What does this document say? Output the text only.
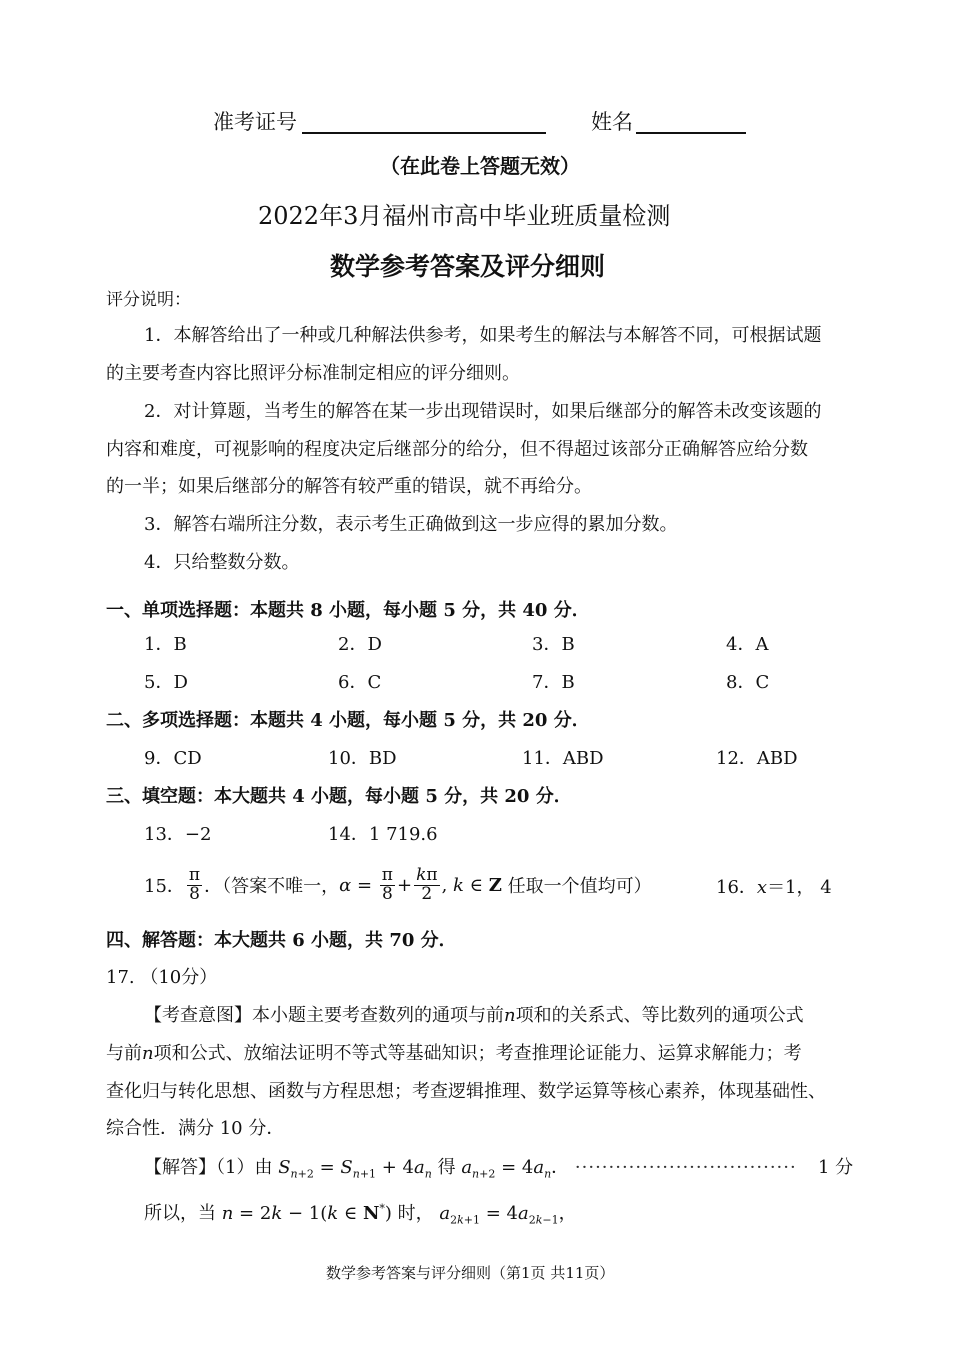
准考证号	姓名
（在此卷上答题无效）
2022年3月福州市高中毕业班质量检测
数学参考答案及评分细则
评分说明：
1．本解答给出了一种或几种解法供参考，如果考生的解法与本解答不同，可根据试题
的主要考查内容比照评分标准制定相应的评分细则。
2．对计算题，当考生的解答在某一步出现错误时，如果后继部分的解答未改变该题的
内容和难度，可视影响的程度决定后继部分的给分，但不得超过该部分正确解答应给分数
的一半；如果后继部分的解答有较严重的错误，就不再给分。
3．解答右端所注分数，表示考生正确做到这一步应得的累加分数。
4．只给整数分数。
一、单项选择题：本题共 8 小题，每小题 5 分，共 40 分．
1．B	2．D	3．B	4．A
5．D	6．C	7．B	8．C
二、多项选择题：本题共 4 小题，每小题 5 分，共 20 分．
9．CD	10．BD	11．ABD	12．ABD
三、填空题：本大题共 4 小题，每小题 5 分，共 20 分．
13．−2	14．1 719.6
15． $\frac{\pi}{8}$ ．（答案不唯一， $\alpha = \frac{\pi}{8} + \frac{k\pi}{2}$ , k ∈ Z 任取一个值均可）	16．x＝1， 4
四、解答题：本大题共 6 小题，共 70 分．
17. （10分）
【考查意图】本小题主要考查数列的通项与前n项和的关系式、等比数列的通项公式
与前n项和公式、放缩法证明不等式等基础知识；考查推理论证能力、运算求解能力；考
查化归与转化思想、函数与方程思想；考查逻辑推理、数学运算等核心素养，体现基础性、
综合性．满分 10 分．
【解答】（1）由 $S_{n+2} = S_{n+1} + 4a_n$ 得 $a_{n+2} = 4a_n$． ································· 1 分
所以，当 n = 2k − 1(k ∈ N*) 时， $a_{2k+1} = 4a_{2k-1}$，
数学参考答案与评分细则（第1页 共11页）
